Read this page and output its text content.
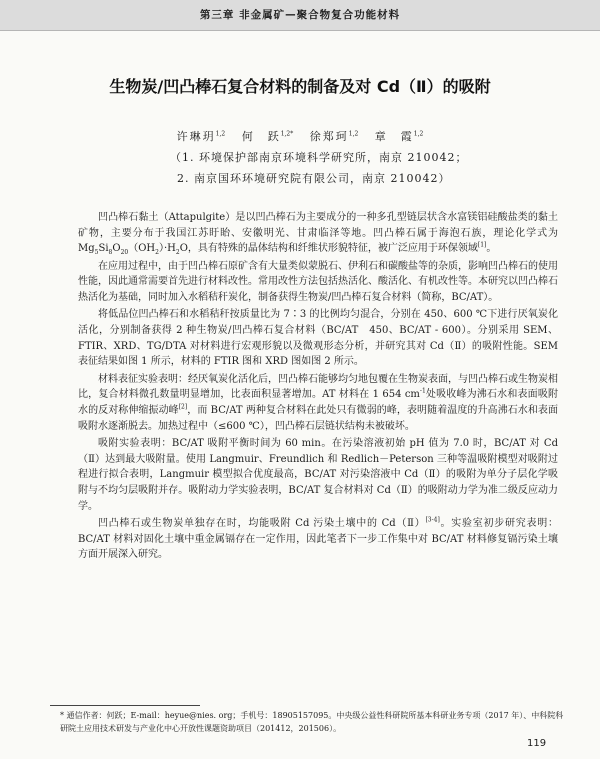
第三章 非金属矿—聚合物复合功能材料
生物炭/凹凸棒石复合材料的制备及对 Cd（Ⅱ）的吸附
许琳玥$^{1,2}$ 何　跃$^{1,2*}$ 徐郑珂$^{1,2}$ 章　霞$^{1,2}$
（1. 环境保护部南京环境科学研究所，南京 210042；
2. 南京国环环境研究院有限公司，南京 210042）

凹凸棒石黏土（Attapulgite）是以凹凸棒石为主要成分的一种多孔型链层状含水富镁铝硅酸盐类的黏土矿物，主要分布于我国江苏盱眙、安徽明光、甘肃临泽等地。凹凸棒石属于海泡石族，理论化学式为 $Mg_5Si_8O_{20}(OH_2)\cdot H_2O$，具有特殊的晶体结构和纤维状形貌特征，被广泛应用于环保领域[1]。

在应用过程中，由于凹凸棒石原矿含有大量类似蒙脱石、伊利石和碳酸盐等的杂质，影响凹凸棒石的使用性能，因此通常需要首先进行材料改性。常用改性方法包括热活化、酸活化、有机改性等。本研究以凹凸棒石热活化为基础，同时加入水稻秸秆炭化，制备获得生物炭/凹凸棒石复合材料（简称，BC/AT）。

将低品位凹凸棒石和水稻秸秆按质量比为 7∶3 的比例均匀混合，分别在 450、600 ℃下进行厌氧炭化活化，分别制备获得 2 种生物炭/凹凸棒石复合材料（BC/AT　450、BC/AT - 600）。分别采用 SEM、FTIR、XRD、TG/DTA 对材料进行宏观形貌以及微观形态分析，并研究其对 Cd（Ⅱ）的吸附性能。SEM 表征结果如图 1 所示，材料的 FTIR 图和 XRD 图如图 2 所示。

材料表征实验表明：经厌氧炭化活化后，凹凸棒石能够均匀地包覆在生物炭表面，与凹凸棒石或生物炭相比，复合材料微孔数量明显增加，比表面积显著增加。AT 材料在 1 654 $cm^{-1}$处吸收峰为沸石水和表面吸附水的反对称伸缩振动峰[2]，而 BC/AT 两种复合材料在此处只有微弱的峰，表明随着温度的升高沸石水和表面吸附水逐渐脱去。加热过程中（≤600 ℃），凹凸棒石层链状结构未被破坏。

吸附实验表明：BC/AT 吸附平衡时间为 60 min。在污染溶液初始 pH 值为 7.0 时，BC/AT 对 Cd（Ⅱ）达到最大吸附量。使用 Langmuir、Freundlich 和 Redlich－Peterson 三种等温吸附模型对吸附过程进行拟合表明，Langmuir 模型拟合优度最高，BC/AT 对污染溶液中 Cd（Ⅱ）的吸附为单分子层化学吸附与不均匀层吸附并存。吸附动力学实验表明，BC/AT 复合材料对 Cd（Ⅱ）的吸附动力学为准二级反应动力学。

凹凸棒石或生物炭单独存在时，均能吸附 Cd 污染土壤中的 Cd（Ⅱ）[3-4]。实验室初步研究表明：BC/AT 材料对固化土壤中重金属镉存在一定作用，因此笔者下一步工作集中对 BC/AT 材料修复镉污染土壤方面开展深入研究。

* 通信作者：何跃；E-mail：heyue@nies. org；手机号：18905157095。中央级公益性科研院所基本科研业务专项（2017 年）、中科院科研院土应用技术研发与产业化中心开放性课题资助项目（201412，201506）。
119
